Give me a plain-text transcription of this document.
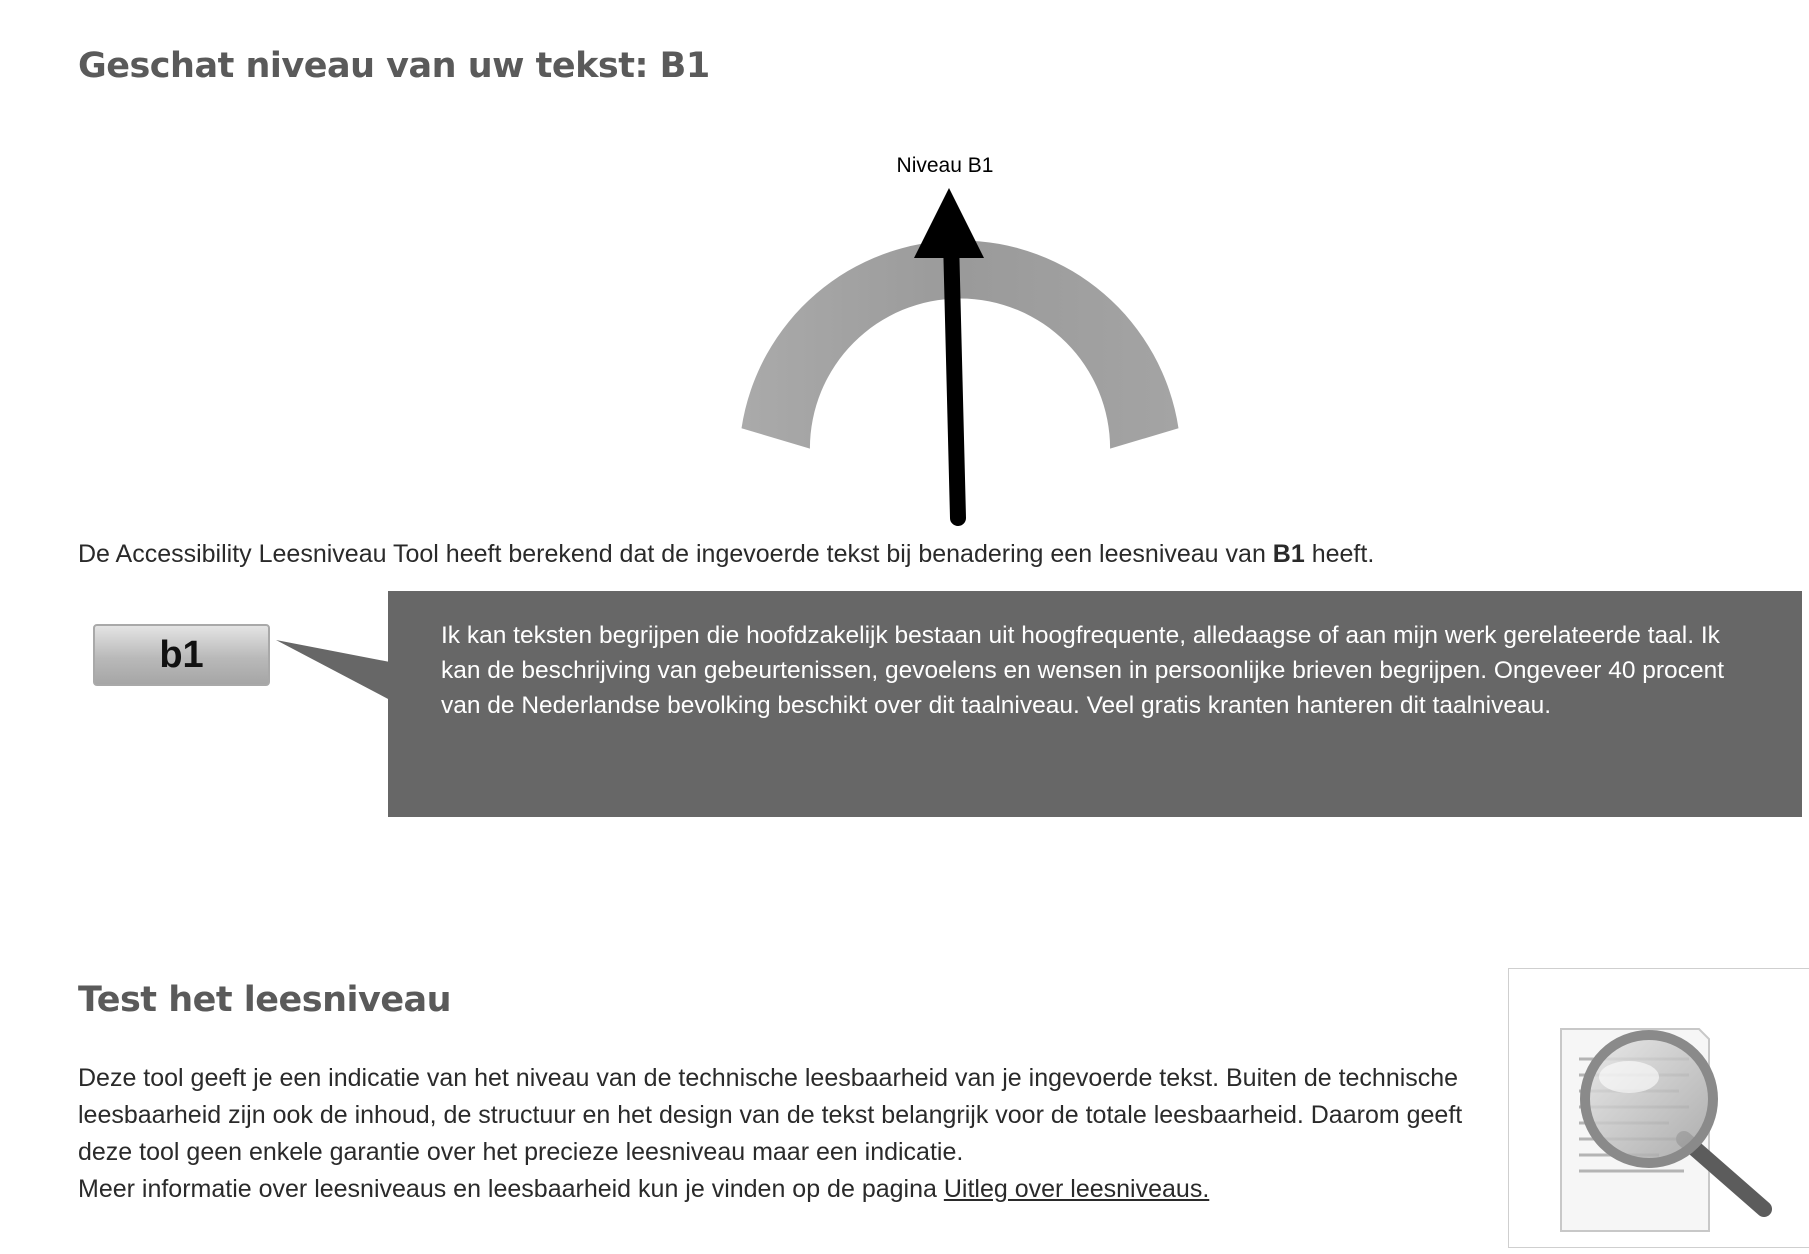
Geschat niveau van uw tekst: B1
Niveau B1

De Accessibility Leesniveau Tool heeft berekend dat de ingevoerde tekst bij benadering een leesniveau van B1 heeft.

b1	Ik kan teksten begrijpen die hoofdzakelijk bestaan uit hoogfrequente, alledaagse of aan mijn werk gerelateerde taal. Ik kan de beschrijving van gebeurtenissen, gevoelens en wensen in persoonlijke brieven begrijpen. Ongeveer 40 procent van de Nederlandse bevolking beschikt over dit taalniveau. Veel gratis kranten hanteren dit taalniveau.

Test het leesniveau

Deze tool geeft je een indicatie van het niveau van de technische leesbaarheid van je ingevoerde tekst. Buiten de technische leesbaarheid zijn ook de inhoud, de structuur en het design van de tekst belangrijk voor de totale leesbaarheid. Daarom geeft deze tool geen enkele garantie over het precieze leesniveau maar een indicatie.
Meer informatie over leesniveaus en leesbaarheid kun je vinden op de pagina Uitleg over leesniveaus.
